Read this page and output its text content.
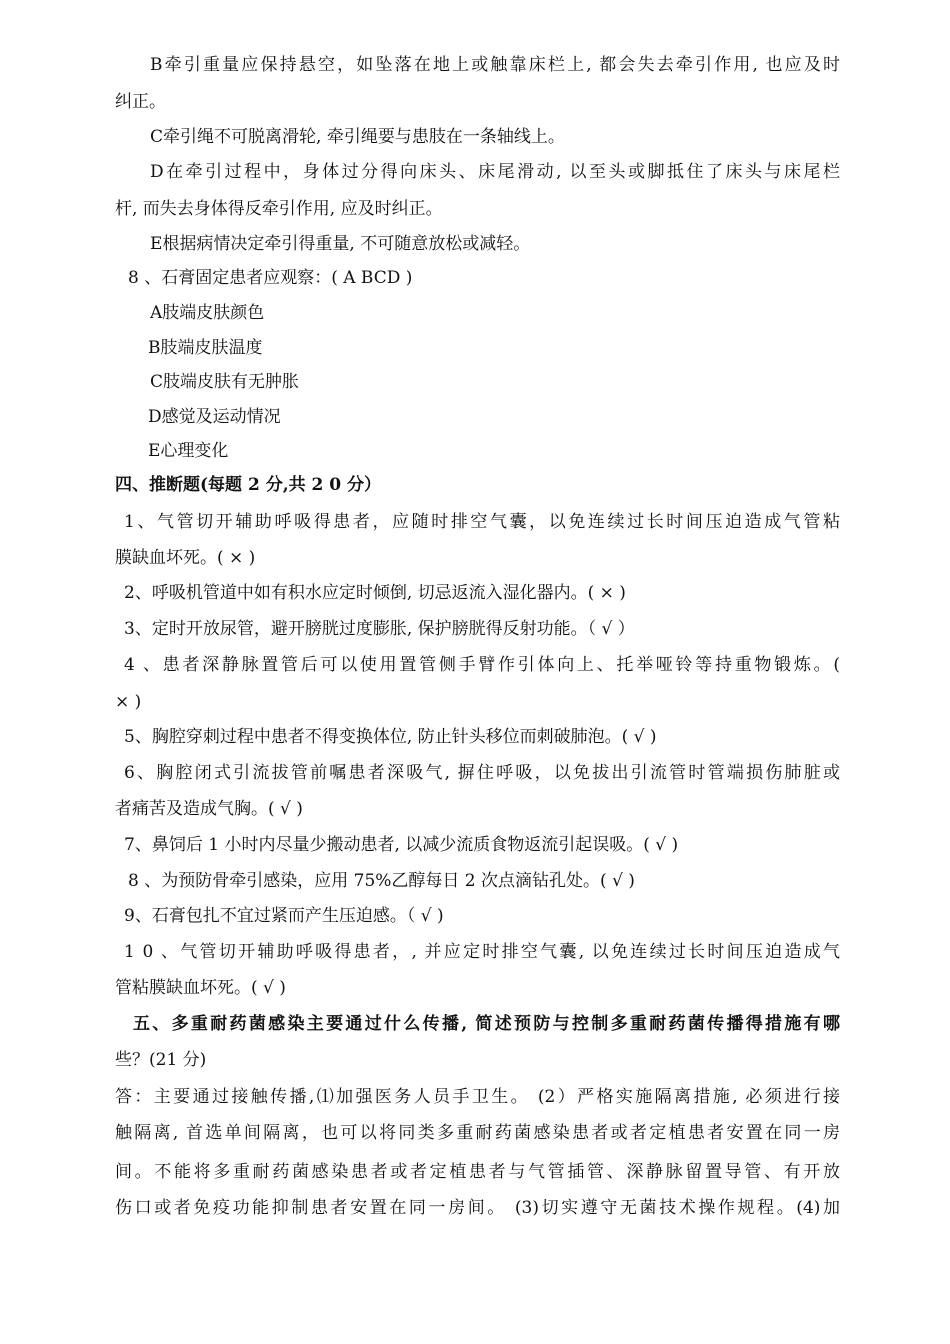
B牵引重量应保持悬空，如坠落在地上或触靠床栏上, 都会失去牵引作用, 也应及时
纠正。
C牵引绳不可脱离滑轮, 牵引绳要与患肢在一条轴线上。
D在牵引过程中，身体过分得向床头、床尾滑动, 以至头或脚抵住了床头与床尾栏
杆, 而失去身体得反牵引作用, 应及时纠正。
E根据病情决定牵引得重量, 不可随意放松或减轻。
8 、石膏固定患者应观察：( A BCD )
A肢端皮肤颜色
B肢端皮肤温度
C肢端皮肤有无肿胀
D感觉及运动情况
E心理变化
四、推断题(每题 2 分,共 2 0 分）
1、气管切开辅助呼吸得患者，应随时排空气囊，以免连续过长时间压迫造成气管粘
膜缺血坏死。( × )
2、呼吸机管道中如有积水应定时倾倒, 切忌返流入湿化器内。( × )
3、定时开放尿管，避开膀胱过度膨胀, 保护膀胱得反射功能。（ √ ）
4 、患者深静脉置管后可以使用置管侧手臂作引体向上、托举哑铃等持重物锻炼。(
× )
5、胸腔穿刺过程中患者不得变换体位, 防止针头移位而刺破肺泡。( √ )
6、胸腔闭式引流拔管前嘱患者深吸气, 摒住呼吸，以免拔出引流管时管端损伤肺脏或
者痛苦及造成气胸。( √ )
7、鼻饲后 1 小时内尽量少搬动患者, 以减少流质食物返流引起误吸。( √ )
8 、为预防骨牵引感染，应用 75%乙醇每日 2 次点滴钻孔处。( √ )
9、石膏包扎不宜过紧而产生压迫感。（ √ )
1 0 、气管切开辅助呼吸得患者，, 并应定时排空气囊, 以免连续过长时间压迫造成气
管粘膜缺血坏死。( √ )
五、多重耐药菌感染主要通过什么传播, 简述预防与控制多重耐药菌传播得措施有哪
些？(21 分)
答：主要通过接触传播,⑴加强医务人员手卫生。 (2）严格实施隔离措施, 必须进行接
触隔离, 首选单间隔离，也可以将同类多重耐药菌感染患者或者定植患者安置在同一房
间。不能将多重耐药菌感染患者或者定植患者与气管插管、深静脉留置导管、有开放
伤口或者免疫功能抑制患者安置在同一房间。 (3)切实遵守无菌技术操作规程。(4)加
